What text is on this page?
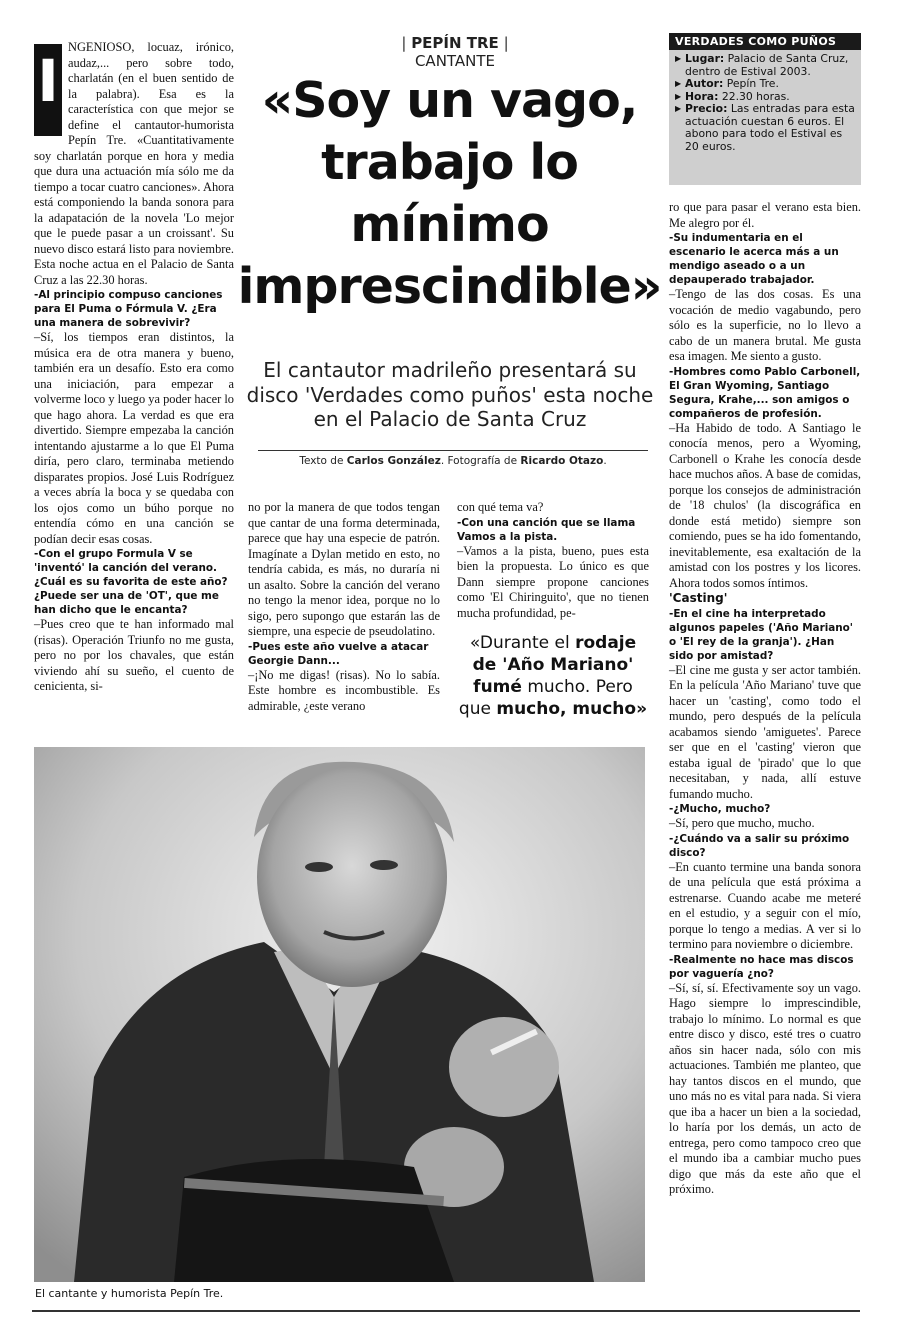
| PEPÍN TRE | CANTANTE
«Soy un vago,
trabajo lo
mínimo
imprescindible»

El cantautor madrileño presentará su disco 'Verdades como puños' esta noche en el Palacio de Santa Cruz

Texto de Carlos González. Fotografía de Ricardo Otazo.
VERDADES COMO PUÑOS
▶ Lugar: Palacio de Santa Cruz, dentro de Estival 2003.
▶ Autor: Pepín Tre.
▶ Hora: 22.30 horas.
▶ Precio: Las entradas para esta actuación cuestan 6 euros. El abono para todo el Estival es 20 euros.
I NGENIOSO, locuaz, irónico, audaz,... pero sobre todo, charlatán (en el buen sentido de la palabra). Esa es la característica con que mejor se define el cantautor-humorista Pepín Tre. «Cuantitativamente soy charlatán porque en hora y media que dura una actuación mía sólo me da tiempo a tocar cuatro canciones». Ahora está componiendo la banda sonora para la adapatación de la novela 'Lo mejor que le puede pasar a un croissant'. Su nuevo disco estará listo para noviembre. Esta noche actua en el Palacio de Santa Cruz a las 22.30 horas.

-Al principio compuso canciones para El Puma o Fórmula V. ¿Era una manera de sobrevivir?

–Sí, los tiempos eran distintos, la música era de otra manera y bueno, también era un desafío. Esto era como una iniciación, para empezar a volverme loco y luego ya poder hacer lo que hago ahora. La verdad es que era divertido. Siempre empezaba la canción intentando ajustarme a lo que El Puma diría, pero claro, terminaba metiendo disparates propios. José Luis Rodríguez a veces abría la boca y se quedaba con los ojos como un búho porque no entendía cómo en una canción se podían decir esas cosas.

-Con el grupo Formula V se 'inventó' la canción del verano. ¿Cuál es su favorita de este año? ¿Puede ser una de 'OT', que me han dicho que le encanta?

–Pues creo que te han informado mal (risas). Operación Triunfo no me gusta, pero no por los chavales, que están viviendo ahí su sueño, el cuento de cenicienta, si-

no por la manera de que todos tengan que cantar de una forma determinada, parece que hay una especie de patrón. Imagínate a Dylan metido en esto, no tendría cabida, es más, no duraría ni un asalto. Sobre la canción del verano no tengo la menor idea, porque no lo sigo, pero supongo que estarán las de siempre, una especie de pseudolatino.

-Pues este año vuelve a atacar Georgie Dann...

–¡No me digas! (risas). No lo sabía. Este hombre es incombustible. Es admirable, ¿este verano

con qué tema va?

-Con una canción que se llama Vamos a la pista.

–Vamos a la pista, bueno, pues esta bien la propuesta. Lo único es que Dann siempre propone canciones como 'El Chiringuito', que no tienen mucha profundidad, pe-

«Durante el rodaje de 'Año Mariano' fumé mucho. Pero que mucho, mucho»

ro que para pasar el verano esta bien. Me alegro por él.

-Su indumentaria en el escenario le acerca más a un mendigo aseado o a un depauperado trabajador.

–Tengo de las dos cosas. Es una vocación de medio vagabundo, pero sólo es la superficie, no lo llevo a cabo de un manera brutal. Me gusta esa imagen. Me siento a gusto.

-Hombres como Pablo Carbonell, El Gran Wyoming, Santiago Segura, Krahe,... son amigos o compañeros de profesión.

–Ha Habido de todo. A Santiago le conocía menos, pero a Wyoming, Carbonell o Krahe les conocía desde hace muchos años. A base de comidas, porque los consejos de administración de '18 chulos' (la discográfica en donde está metido) siempre son comiendo, pues se ha ido fomentando, inevitablemente, esa exaltación de la amistad con los postres y los licores. Ahora todos somos íntimos.

'Casting'

-En el cine ha interpretado algunos papeles ('Año Mariano' o 'El rey de la granja'). ¿Han sido por amistad?

–El cine me gusta y ser actor también. En la película 'Año Mariano' tuve que hacer un 'casting', como todo el mundo, pero después de la película acabamos siendo 'amiguetes'. Parece ser que en el 'casting' vieron que estaba igual de 'pirado' que lo que necesitaban, y nada, allí estuve fumando mucho.

-¿Mucho, mucho?

–Sí, pero que mucho, mucho.

-¿Cuándo va a salir su próximo disco?

–En cuanto termine una banda sonora de una película que está próxima a estrenarse. Cuando acabe me meteré en el estudio, y a seguir con el mío, porque lo tengo a medias. A ver si lo termino para noviembre o diciembre.

-Realmente no hace mas discos por vaguería ¿no?

–Sí, sí, sí. Efectivamente soy un vago. Hago siempre lo imprescindible, trabajo lo mínimo. Lo normal es que entre disco y disco, esté tres o cuatro años sin hacer nada, sólo con mis actuaciones. También me planteo, que hay tantos discos en el mundo, que uno más no es vital para nada. Si viera que iba a hacer un bien a la sociedad, lo haría por los demás, un acto de entrega, pero como tampoco creo que el mundo iba a cambiar mucho pues digo que más da este año que el próximo.

El cantante y humorista Pepín Tre.
